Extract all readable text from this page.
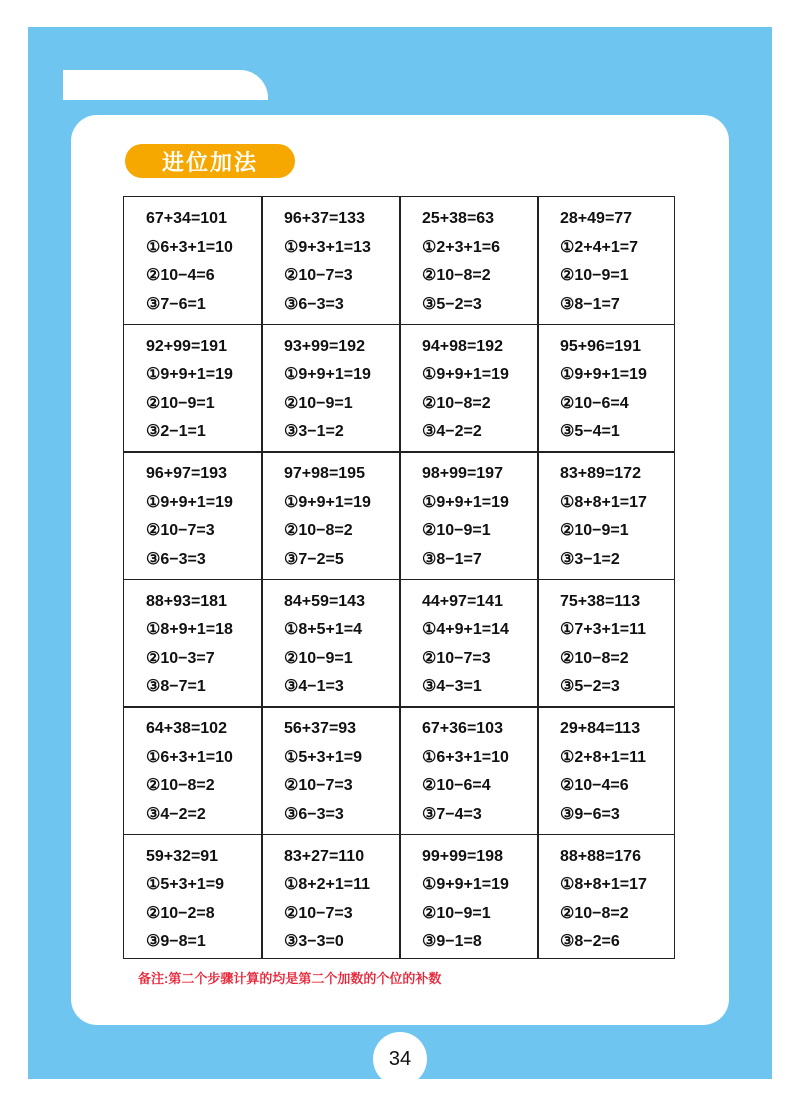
进位加法
67+34=101
①6+3+1=10
②10−4=6
③7−6=1
96+37=133
①9+3+1=13
②10−7=3
③6−3=3
25+38=63
①2+3+1=6
②10−8=2
③5−2=3
28+49=77
①2+4+1=7
②10−9=1
③8−1=7
92+99=191
①9+9+1=19
②10−9=1
③2−1=1
93+99=192
①9+9+1=19
②10−9=1
③3−1=2
94+98=192
①9+9+1=19
②10−8=2
③4−2=2
95+96=191
①9+9+1=19
②10−6=4
③5−4=1
96+97=193
①9+9+1=19
②10−7=3
③6−3=3
97+98=195
①9+9+1=19
②10−8=2
③7−2=5
98+99=197
①9+9+1=19
②10−9=1
③8−1=7
83+89=172
①8+8+1=17
②10−9=1
③3−1=2
88+93=181
①8+9+1=18
②10−3=7
③8−7=1
84+59=143
①8+5+1=4
②10−9=1
③4−1=3
44+97=141
①4+9+1=14
②10−7=3
③4−3=1
75+38=113
①7+3+1=11
②10−8=2
③5−2=3
64+38=102
①6+3+1=10
②10−8=2
③4−2=2
56+37=93
①5+3+1=9
②10−7=3
③6−3=3
67+36=103
①6+3+1=10
②10−6=4
③7−4=3
29+84=113
①2+8+1=11
②10−4=6
③9−6=3
59+32=91
①5+3+1=9
②10−2=8
③9−8=1
83+27=110
①8+2+1=11
②10−7=3
③3−3=0
99+99=198
①9+9+1=19
②10−9=1
③9−1=8
88+88=176
①8+8+1=17
②10−8=2
③8−2=6
备注:第二个步骤计算的均是第二个加数的个位的补数
34
